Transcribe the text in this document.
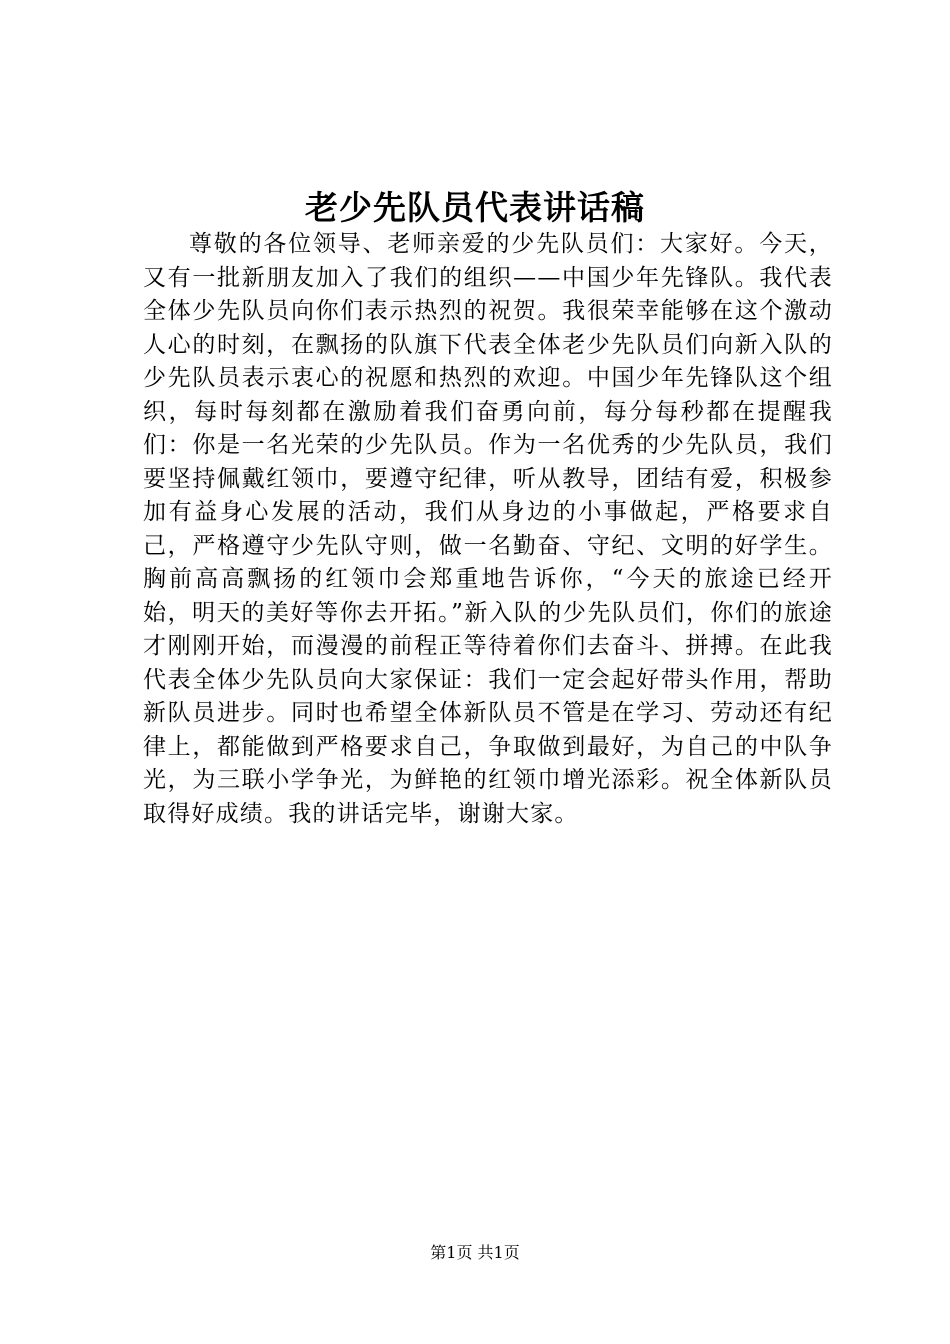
老少先队员代表讲话稿

尊敬的各位领导、老师亲爱的少先队员们：大家好。今天，又有一批新朋友加入了我们的组织——中国少年先锋队。我代表全体少先队员向你们表示热烈的祝贺。我很荣幸能够在这个激动人心的时刻，在飘扬的队旗下代表全体老少先队员们向新入队的少先队员表示衷心的祝愿和热烈的欢迎。中国少年先锋队这个组织，每时每刻都在激励着我们奋勇向前，每分每秒都在提醒我们：你是一名光荣的少先队员。作为一名优秀的少先队员，我们要坚持佩戴红领巾，要遵守纪律，听从教导，团结有爱，积极参加有益身心发展的活动，我们从身边的小事做起，严格要求自己，严格遵守少先队守则，做一名勤奋、守纪、文明的好学生。胸前高高飘扬的红领巾会郑重地告诉你，“今天的旅途已经开始，明天的美好等你去开拓。”新入队的少先队员们，你们的旅途才刚刚开始，而漫漫的前程正等待着你们去奋斗、拼搏。在此我代表全体少先队员向大家保证：我们一定会起好带头作用，帮助新队员进步。同时也希望全体新队员不管是在学习、劳动还有纪律上，都能做到严格要求自己，争取做到最好，为自己的中队争光，为三联小学争光，为鲜艳的红领巾增光添彩。祝全体新队员取得好成绩。我的讲话完毕，谢谢大家。

第1页 共1页
